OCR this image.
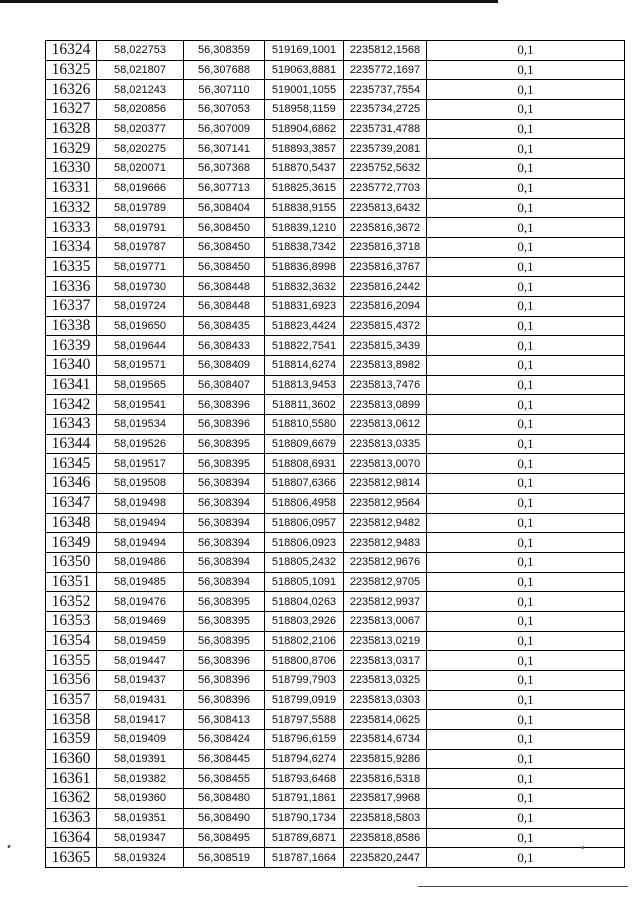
16324	58,022753	56,308359	519169,1001	2235812,1568	0,1
16325	58,021807	56,307688	519063,8881	2235772,1697	0,1
16326	58,021243	56,307110	519001,1055	2235737,7554	0,1
16327	58,020856	56,307053	518958,1159	2235734,2725	0,1
16328	58,020377	56,307009	518904,6862	2235731,4788	0,1
16329	58,020275	56,307141	518893,3857	2235739,2081	0,1
16330	58,020071	56,307368	518870,5437	2235752,5632	0,1
16331	58,019666	56,307713	518825,3615	2235772,7703	0,1
16332	58,019789	56,308404	518838,9155	2235813,6432	0,1
16333	58,019791	56,308450	518839,1210	2235816,3672	0,1
16334	58,019787	56,308450	518838,7342	2235816,3718	0,1
16335	58,019771	56,308450	518836,8998	2235816,3767	0,1
16336	58,019730	56,308448	518832,3632	2235816,2442	0,1
16337	58,019724	56,308448	518831,6923	2235816,2094	0,1
16338	58,019650	56,308435	518823,4424	2235815,4372	0,1
16339	58,019644	56,308433	518822,7541	2235815,3439	0,1
16340	58,019571	56,308409	518814,6274	2235813,8982	0,1
16341	58,019565	56,308407	518813,9453	2235813,7476	0,1
16342	58,019541	56,308396	518811,3602	2235813,0899	0,1
16343	58,019534	56,308396	518810,5580	2235813,0612	0,1
16344	58,019526	56,308395	518809,6679	2235813,0335	0,1
16345	58,019517	56,308395	518808,6931	2235813,0070	0,1
16346	58,019508	56,308394	518807,6366	2235812,9814	0,1
16347	58,019498	56,308394	518806,4958	2235812,9564	0,1
16348	58,019494	56,308394	518806,0957	2235812,9482	0,1
16349	58,019494	56,308394	518806,0923	2235812,9483	0,1
16350	58,019486	56,308394	518805,2432	2235812,9676	0,1
16351	58,019485	56,308394	518805,1091	2235812,9705	0,1
16352	58,019476	56,308395	518804,0263	2235812,9937	0,1
16353	58,019469	56,308395	518803,2926	2235813,0067	0,1
16354	58,019459	56,308395	518802,2106	2235813,0219	0,1
16355	58,019447	56,308396	518800,8706	2235813,0317	0,1
16356	58,019437	56,308396	518799,7903	2235813,0325	0,1
16357	58,019431	56,308396	518799,0919	2235813,0303	0,1
16358	58,019417	56,308413	518797,5588	2235814,0625	0,1
16359	58,019409	56,308424	518796,6159	2235814,6734	0,1
16360	58,019391	56,308445	518794,6274	2235815,9286	0,1
16361	58,019382	56,308455	518793,6468	2235816,5318	0,1
16362	58,019360	56,308480	518791,1861	2235817,9968	0,1
16363	58,019351	56,308490	518790,1734	2235818,5803	0,1
16364	58,019347	56,308495	518789,6871	2235818,8586	0,1
16365	58,019324	56,308519	518787,1664	2235820,2447	0,1
